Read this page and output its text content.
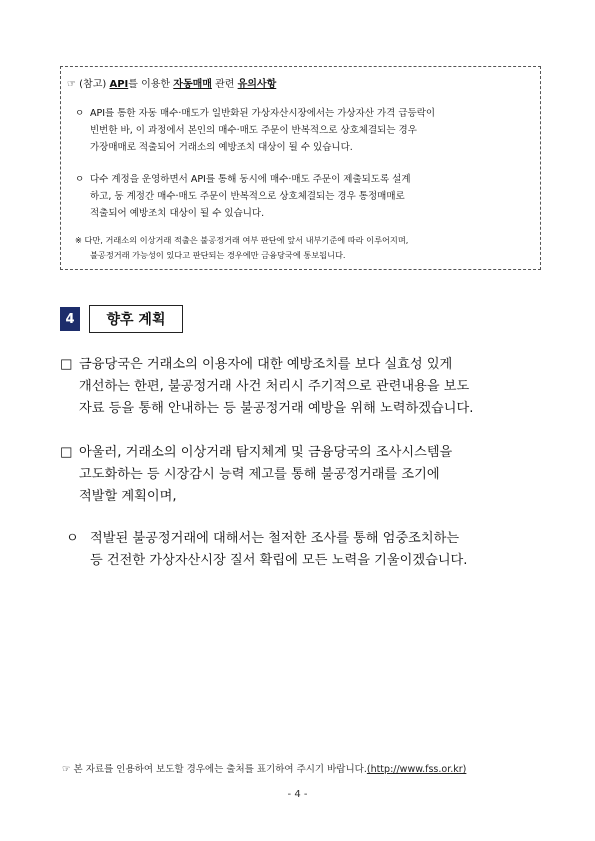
☞ (참고) API를 이용한 자동매매 관련 유의사항
ㅇ API를 통한 자동 매수·매도가 일반화된 가상자산시장에서는 가상자산 가격 급등락이
빈번한 바, 이 과정에서 본인의 매수·매도 주문이 반복적으로 상호체결되는 경우
가장매매로 적출되어 거래소의 예방조치 대상이 될 수 있습니다.
ㅇ 다수 계정을 운영하면서 API를 통해 동시에 매수·매도 주문이 제출되도록 설계
하고, 동 계정간 매수·매도 주문이 반복적으로 상호체결되는 경우 통정매매로
적출되어 예방조치 대상이 될 수 있습니다.
※ 다만, 거래소의 이상거래 적출은 불공정거래 여부 판단에 앞서 내부기준에 따라 이루어지며,
불공정거래 가능성이 있다고 판단되는 경우에만 금융당국에 통보됩니다.
4	향후 계획
□ 금융당국은 거래소의 이용자에 대한 예방조치를 보다 실효성 있게
개선하는 한편, 불공정거래 사건 처리시 주기적으로 관련내용을 보도
자료 등을 통해 안내하는 등 불공정거래 예방을 위해 노력하겠습니다.
□ 아울러, 거래소의 이상거래 탐지체계 및 금융당국의 조사시스템을
고도화하는 등 시장감시 능력 제고를 통해 불공정거래를 조기에
적발할 계획이며,
ㅇ 적발된 불공정거래에 대해서는 철저한 조사를 통해 엄중조치하는
등 건전한 가상자산시장 질서 확립에 모든 노력을 기울이겠습니다.
☞ 본 자료를 인용하여 보도할 경우에는 출처를 표기하여 주시기 바랍니다.(http://www.fss.or.kr)
- 4 -
